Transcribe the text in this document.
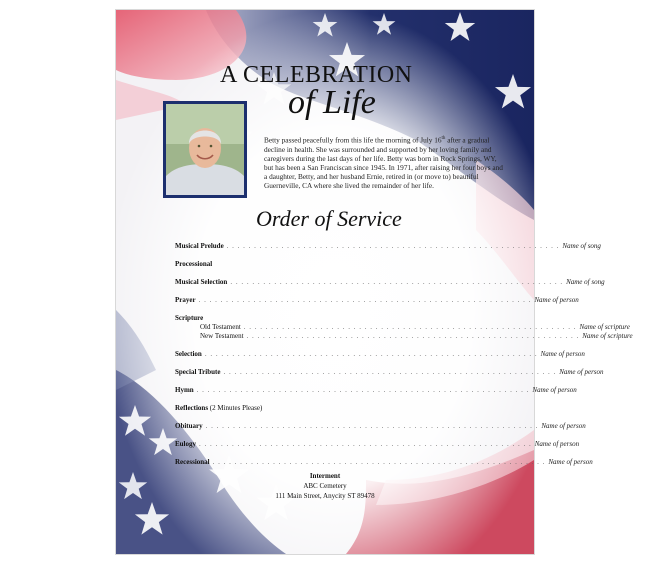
A CELEBRATION
of Life
Betty passed peacefully from this life the morning of July 16th after a gradual decline in health. She was surrounded and supported by her loving family and caregivers during the last days of her life. Betty was born in Rock Springs, WY, but has been a San Franciscan since 1945. In 1971, after raising her four boys and a daughter, Betty, and her husband Ernie, retired in (or move to) beautiful Guerneville, CA where she lived the remainder of her life.
Order of Service
Musical Prelude . . . . . . . . . . . . . . . . . . . . . . . . . . . . . . . . . . . . . . . . . . . . . . . . . . . . . . . . . . . . . Name of song
Processional
Musical Selection . . . . . . . . . . . . . . . . . . . . . . . . . . . . . . . . . . . . . . . . . . . . . . . . . . . . . . . . . . . . . Name of song
Prayer . . . . . . . . . . . . . . . . . . . . . . . . . . . . . . . . . . . . . . . . . . . . . . . . . . . . . . . . . . . . . Name of person
Scripture
Old Testament . . . . . . . . . . . . . . . . . . . . . . . . . . . . . . . . . . . . . . . . . . . . . . . . . . . . . . . . . . . . . Name of scripture
New Testament . . . . . . . . . . . . . . . . . . . . . . . . . . . . . . . . . . . . . . . . . . . . . . . . . . . . . . . . . . . . . Name of scripture
Selection . . . . . . . . . . . . . . . . . . . . . . . . . . . . . . . . . . . . . . . . . . . . . . . . . . . . . . . . . . . . . Name of person
Special Tribute . . . . . . . . . . . . . . . . . . . . . . . . . . . . . . . . . . . . . . . . . . . . . . . . . . . . . . . . . . . . . Name of person
Hymn . . . . . . . . . . . . . . . . . . . . . . . . . . . . . . . . . . . . . . . . . . . . . . . . . . . . . . . . . . . . . Name of person
Reflections (2 Minutes Please)
Obituary . . . . . . . . . . . . . . . . . . . . . . . . . . . . . . . . . . . . . . . . . . . . . . . . . . . . . . . . . . . . . Name of person
Eulogy . . . . . . . . . . . . . . . . . . . . . . . . . . . . . . . . . . . . . . . . . . . . . . . . . . . . . . . . . . . . . Name of person
Recessional . . . . . . . . . . . . . . . . . . . . . . . . . . . . . . . . . . . . . . . . . . . . . . . . . . . . . . . . . . . . . Name of person
Interment
ABC Cemetery
111 Main Street, Anycity ST 89478
